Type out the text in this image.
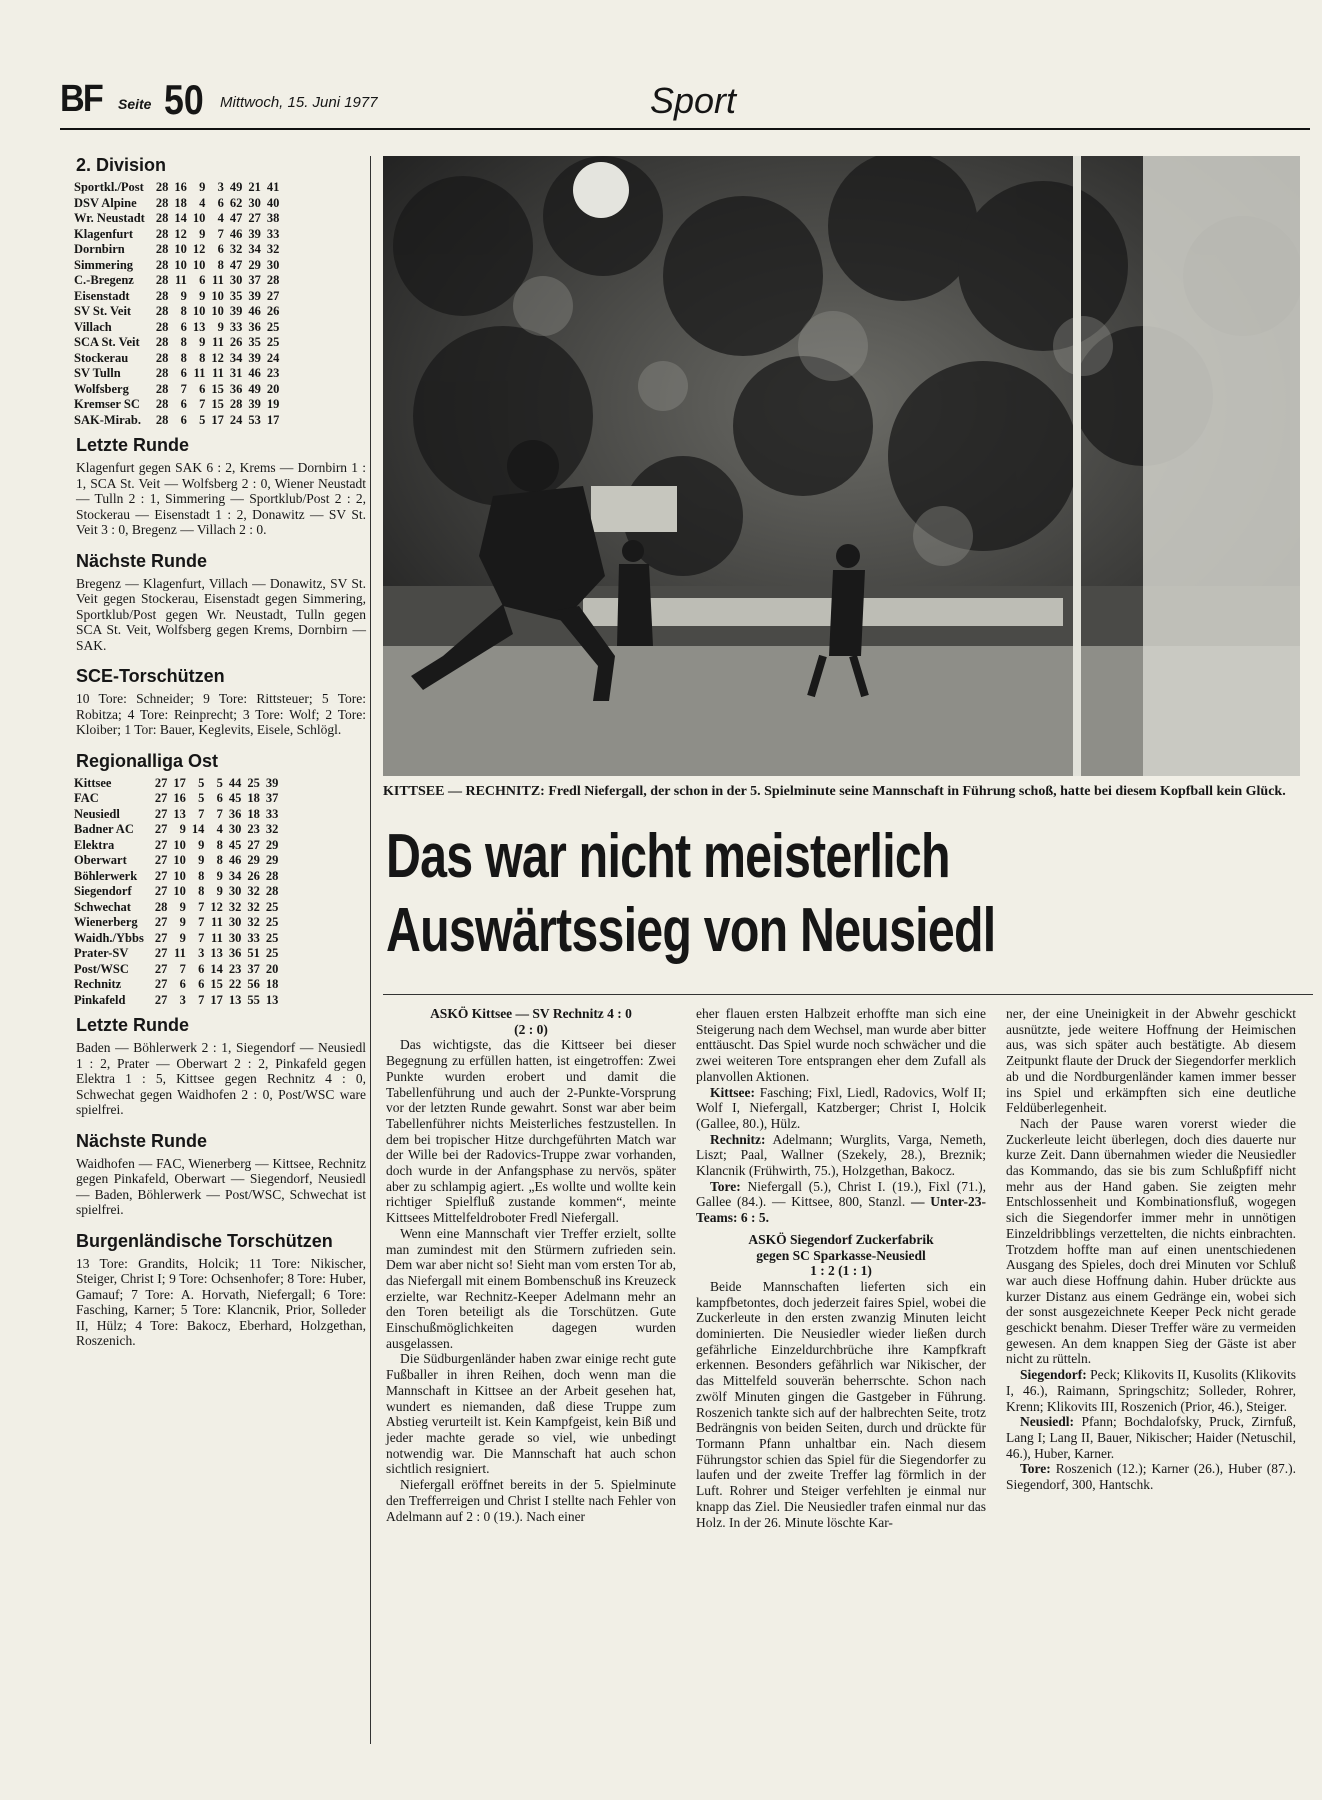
BF Seite 50 Mittwoch, 15. Juni 1977	Sport
2. Division
Sportkl./Post	28	16	9	3	49	21	41
DSV Alpine	28	18	4	6	62	30	40
Wr. Neustadt	28	14	10	4	47	27	38
Klagenfurt	28	12	9	7	46	39	33
Dornbirn	28	10	12	6	32	34	32
Simmering	28	10	10	8	47	29	30
C.-Bregenz	28	11	6	11	30	37	28
Eisenstadt	28	9	9	10	35	39	27
SV St. Veit	28	8	10	10	39	46	26
Villach	28	6	13	9	33	36	25
SCA St. Veit	28	8	9	11	26	35	25
Stockerau	28	8	8	12	34	39	24
SV Tulln	28	6	11	11	31	46	23
Wolfsberg	28	7	6	15	36	49	20
Kremser SC	28	6	7	15	28	39	19
SAK-Mirab.	28	6	5	17	24	53	17
Letzte Runde

Klagenfurt gegen SAK 6 : 2, Krems — Dornbirn 1 : 1, SCA St. Veit — Wolfsberg 2 : 0, Wiener Neustadt — Tulln 2 : 1, Simmering — Sportklub/Post 2 : 2, Stockerau — Eisenstadt 1 : 2, Donawitz — SV St. Veit 3 : 0, Bregenz — Villach 2 : 0.

Nächste Runde

Bregenz — Klagenfurt, Villach — Donawitz, SV St. Veit gegen Stockerau, Eisenstadt gegen Simmering, Sportklub/Post gegen Wr. Neustadt, Tulln gegen SCA St. Veit, Wolfsberg gegen Krems, Dornbirn — SAK.

SCE-Torschützen

10 Tore: Schneider; 9 Tore: Rittsteuer; 5 Tore: Robitza; 4 Tore: Reinprecht; 3 Tore: Wolf; 2 Tore: Kloiber; 1 Tor: Bauer, Keglevits, Eisele, Schlögl.

Regionalliga Ost
Kittsee	27	17	5	5	44	25	39
FAC	27	16	5	6	45	18	37
Neusiedl	27	13	7	7	36	18	33
Badner AC	27	9	14	4	30	23	32
Elektra	27	10	9	8	45	27	29
Oberwart	27	10	9	8	46	29	29
Böhlerwerk	27	10	8	9	34	26	28
Siegendorf	27	10	8	9	30	32	28
Schwechat	28	9	7	12	32	32	25
Wienerberg	27	9	7	11	30	32	25
Waidh./Ybbs	27	9	7	11	30	33	25
Prater-SV	27	11	3	13	36	51	25
Post/WSC	27	7	6	14	23	37	20
Rechnitz	27	6	6	15	22	56	18
Pinkafeld	27	3	7	17	13	55	13
Letzte Runde

Baden — Böhlerwerk 2 : 1, Siegendorf — Neusiedl 1 : 2, Prater — Oberwart 2 : 2, Pinkafeld gegen Elektra 1 : 5, Kittsee gegen Rechnitz 4 : 0, Schwechat gegen Waidhofen 2 : 0, Post/WSC ware spielfrei.

Nächste Runde

Waidhofen — FAC, Wienerberg — Kittsee, Rechnitz gegen Pinkafeld, Oberwart — Siegendorf, Neusiedl — Baden, Böhlerwerk — Post/WSC, Schwechat ist spielfrei.

Burgenländische Torschützen

13 Tore: Grandits, Holcik; 11 Tore: Nikischer, Steiger, Christ I; 9 Tore: Ochsenhofer; 8 Tore: Huber, Gamauf; 7 Tore: A. Horvath, Niefergall; 6 Tore: Fasching, Karner; 5 Tore: Klancnik, Prior, Solleder II, Hülz; 4 Tore: Bakocz, Eberhard, Holzgethan, Roszenich.

KITTSEE — RECHNITZ: Fredl Niefergall, der schon in der 5. Spielminute seine Mannschaft in Führung schoß, hatte bei diesem Kopfball kein Glück.
Das war nicht meisterlich
Auswärtssieg von Neusiedl

ASKÖ Kittsee — SV Rechnitz 4 : 0

(2 : 0)

Das wichtigste, das die Kittseer bei dieser Begegnung zu erfüllen hatten, ist eingetroffen: Zwei Punkte wurden erobert und damit die Tabellenführung und auch der 2-Punkte-Vorsprung vor der letzten Runde gewahrt. Sonst war aber beim Tabellenführer nichts Meisterliches festzustellen. In dem bei tropischer Hitze durchgeführten Match war der Wille bei der Radovics-Truppe zwar vorhanden, doch wurde in der Anfangsphase zu nervös, später aber zu schlampig agiert. „Es wollte und wollte kein richtiger Spielfluß zustande kommen“, meinte Kittsees Mittelfeldroboter Fredl Niefergall.

Wenn eine Mannschaft vier Treffer erzielt, sollte man zumindest mit den Stürmern zufrieden sein. Dem war aber nicht so! Sieht man vom ersten Tor ab, das Niefergall mit einem Bombenschuß ins Kreuzeck erzielte, war Rechnitz-Keeper Adelmann mehr an den Toren beteiligt als die Torschützen. Gute Einschußmöglichkeiten dagegen wurden ausgelassen.

Die Südburgenländer haben zwar einige recht gute Fußballer in ihren Reihen, doch wenn man die Mannschaft in Kittsee an der Arbeit gesehen hat, wundert es niemanden, daß diese Truppe zum Abstieg verurteilt ist. Kein Kampfgeist, kein Biß und jeder machte gerade so viel, wie unbedingt notwendig war. Die Mannschaft hat auch schon sichtlich resigniert.

Niefergall eröffnet bereits in der 5. Spielminute den Trefferreigen und Christ I stellte nach Fehler von Adelmann auf 2 : 0 (19.). Nach einer

eher flauen ersten Halbzeit erhoffte man sich eine Steigerung nach dem Wechsel, man wurde aber bitter enttäuscht. Das Spiel wurde noch schwächer und die zwei weiteren Tore entsprangen eher dem Zufall als planvollen Aktionen.

Kittsee: Fasching; Fixl, Liedl, Radovics, Wolf II; Wolf I, Niefergall, Katzberger; Christ I, Holcik (Gallee, 80.), Hülz.

Rechnitz: Adelmann; Wurglits, Varga, Nemeth, Liszt; Paal, Wallner (Szekely, 28.), Breznik; Klancnik (Frühwirth, 75.), Holzgethan, Bakocz.

Tore: Niefergall (5.), Christ I. (19.), Fixl (71.), Gallee (84.). — Kittsee, 800, Stanzl. — Unter-23-Teams: 6 : 5.

ASKÖ Siegendorf Zuckerfabrik

gegen SC Sparkasse-Neusiedl

1 : 2 (1 : 1)

Beide Mannschaften lieferten sich ein kampfbetontes, doch jederzeit faires Spiel, wobei die Zuckerleute in den ersten zwanzig Minuten leicht dominierten. Die Neusiedler wieder ließen durch gefährliche Einzeldurchbrüche ihre Kampfkraft erkennen. Besonders gefährlich war Nikischer, der das Mittelfeld souverän beherrschte. Schon nach zwölf Minuten gingen die Gastgeber in Führung. Roszenich tankte sich auf der halbrechten Seite, trotz Bedrängnis von beiden Seiten, durch und drückte für Tormann Pfann unhaltbar ein. Nach diesem Führungstor schien das Spiel für die Siegendorfer zu laufen und der zweite Treffer lag förmlich in der Luft. Rohrer und Steiger verfehlten je einmal nur knapp das Ziel. Die Neusiedler trafen einmal nur das Holz. In der 26. Minute löschte Kar-

ner, der eine Uneinigkeit in der Abwehr geschickt ausnützte, jede weitere Hoffnung der Heimischen aus, was sich später auch bestätigte. Ab diesem Zeitpunkt flaute der Druck der Siegendorfer merklich ab und die Nordburgenländer kamen immer besser ins Spiel und erkämpften sich eine deutliche Feldüberlegenheit.

Nach der Pause waren vorerst wieder die Zuckerleute leicht überlegen, doch dies dauerte nur kurze Zeit. Dann übernahmen wieder die Neusiedler das Kommando, das sie bis zum Schlußpfiff nicht mehr aus der Hand gaben. Sie zeigten mehr Entschlossenheit und Kombinationsfluß, wogegen sich die Siegendorfer immer mehr in unnötigen Einzeldribblings verzettelten, die nichts einbrachten. Trotzdem hoffte man auf einen unentschiedenen Ausgang des Spieles, doch drei Minuten vor Schluß war auch diese Hoffnung dahin. Huber drückte aus kurzer Distanz aus einem Gedränge ein, wobei sich der sonst ausgezeichnete Keeper Peck nicht gerade geschickt benahm. Dieser Treffer wäre zu vermeiden gewesen. An dem knappen Sieg der Gäste ist aber nicht zu rütteln.

Siegendorf: Peck; Klikovits II, Kusolits (Klikovits I, 46.), Raimann, Springschitz; Solleder, Rohrer, Krenn; Klikovits III, Roszenich (Prior, 46.), Steiger.

Neusiedl: Pfann; Bochdalofsky, Pruck, Zirnfuß, Lang I; Lang II, Bauer, Nikischer; Haider (Netuschil, 46.), Huber, Karner.

Tore: Roszenich (12.); Karner (26.), Huber (87.). Siegendorf, 300, Hantschk.
